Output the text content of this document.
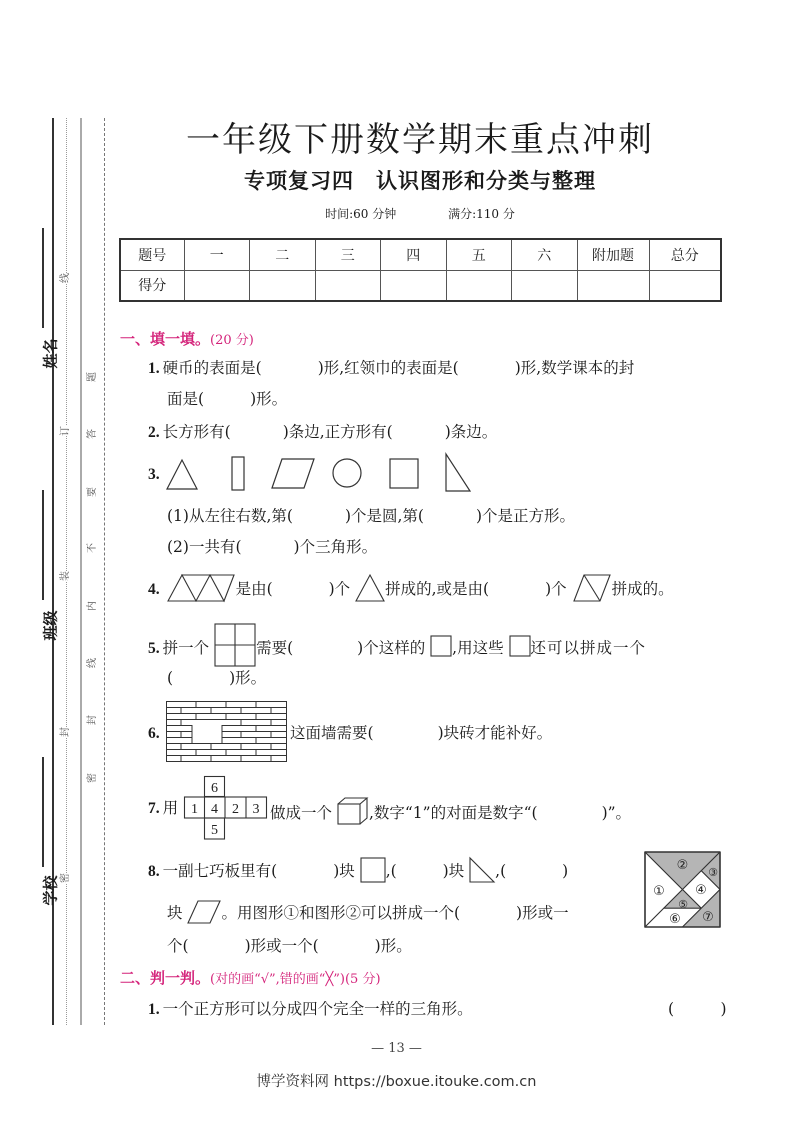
姓名
班级
学校
线
订
装
封
密
题
答
要
不
内
线
封
密
一年级下册数学期末重点冲刺
专项复习四　认识图形和分类与整理
时间:60 分钟	满分:110 分
题号	一	二	三	四	五	六	附加题	总分
得分								
一、填一填。(20 分)
1. 硬币的表面是(	)形,红领巾的表面是(	)形,数学课本的封
面是(	)形。
2. 长方形有(	)条边,正方形有(	)条边。
3.
(1)从左往右数,第(	)个是圆,第(	)个是正方形。
(2)一共有(	)个三角形。
4.	是由(	)个 拼成的,或是由(	)个	拼成的。
5. 拼一个	需要(	)个这样的 ,用这些 还可以拼成一个
(	)形。
6.	这面墙需要(	)块砖才能补好。
7. 用
6
1 4 2 3
5
做成一个 ,数字“1”的对面是数字“(	)”。
8. 一副七巧板里有(	)块 ,(	)块 ,(	)
块	。用图形①和图形②可以拼成一个(	)形或一
个(	)形或一个(	)形。
①
② ③
④
⑤
⑥ ⑦
二、判一判。(对的画“√”,错的画“╳”)(5 分)
1. 一个正方形可以分成四个完全一样的三角形。	(　　　)
— 13 —
博学资料网 https://boxue.itouke.com.cn
